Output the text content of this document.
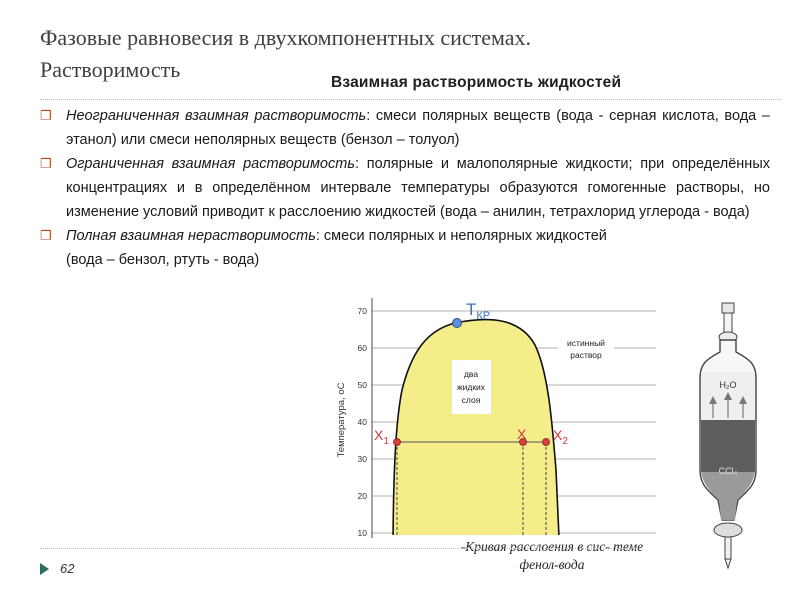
Фазовые равновесия в двухкомпонентных системах. Растворимость
Взаимная растворимость жидкостей
❒ Неограниченная взаимная растворимость: смеси полярных веществ (вода - серная кислота, вода – этанол) или смеси неполярных веществ (бензол – толуол)
❒ Ограниченная взаимная растворимость: полярные и малополярные жидкости; при определённых концентрациях и в определённом интервале температуры образуются гомогенные растворы, но изменение условий приводит к расслоению жидкостей (вода – анилин, тетрахлорид углерода - вода)
❒ Полная взаимная нерастворимость: смеси полярных и неполярных жидкостей
(вода – бензол, ртуть - вода)
70
60
50
40
30
20
10
Температура, оС
$Т_{КР}$
два
жидких
слоя
истинный
раствор
$Х_1$	Х $Х_2$
H₂O
CCl₄
-Кривая расслоения в сис- теме фенол-вода
62
